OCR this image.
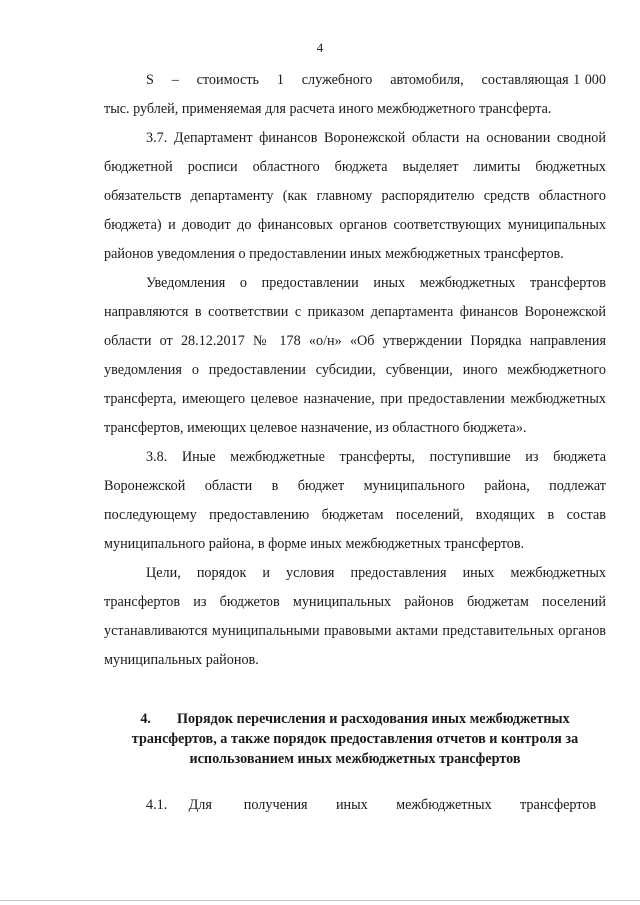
4

S    –    стоимость    1    служебного    автомобиля,    составляющая 1 000 тыс. рублей, применяемая для расчета иного межбюджетного трансферта.

3.7. Департамент финансов Воронежской области на основании сводной бюджетной росписи областного бюджета выделяет лимиты бюджетных обязательств департаменту (как главному распорядителю средств областного бюджета) и доводит до финансовых органов соответствующих муниципальных районов уведомления о предоставлении иных межбюджетных трансфертов.

Уведомления о предоставлении иных межбюджетных трансфертов направляются в соответствии с приказом департамента финансов Воронежской области от 28.12.2017 № 178 «о/н» «Об утверждении Порядка направления уведомления о предоставлении субсидии, субвенции, иного межбюджетного трансферта, имеющего целевое назначение, при предоставлении межбюджетных трансфертов, имеющих целевое назначение, из областного бюджета».

3.8. Иные межбюджетные трансферты, поступившие из бюджета Воронежской области в бюджет муниципального района, подлежат последующему предоставлению бюджетам поселений, входящих в состав муниципального района, в форме иных межбюджетных трансфертов.

Цели, порядок и условия предоставления иных межбюджетных трансфертов из бюджетов муниципальных районов бюджетам поселений устанавливаются муниципальными правовыми актами представительных органов муниципальных районов.

4. Порядок перечисления и расходования иных межбюджетных

трансфертов, а также порядок предоставления отчетов и контроля за

использованием иных межбюджетных трансфертов

4.1.      Для         получения        иных        межбюджетных        трансфертов
